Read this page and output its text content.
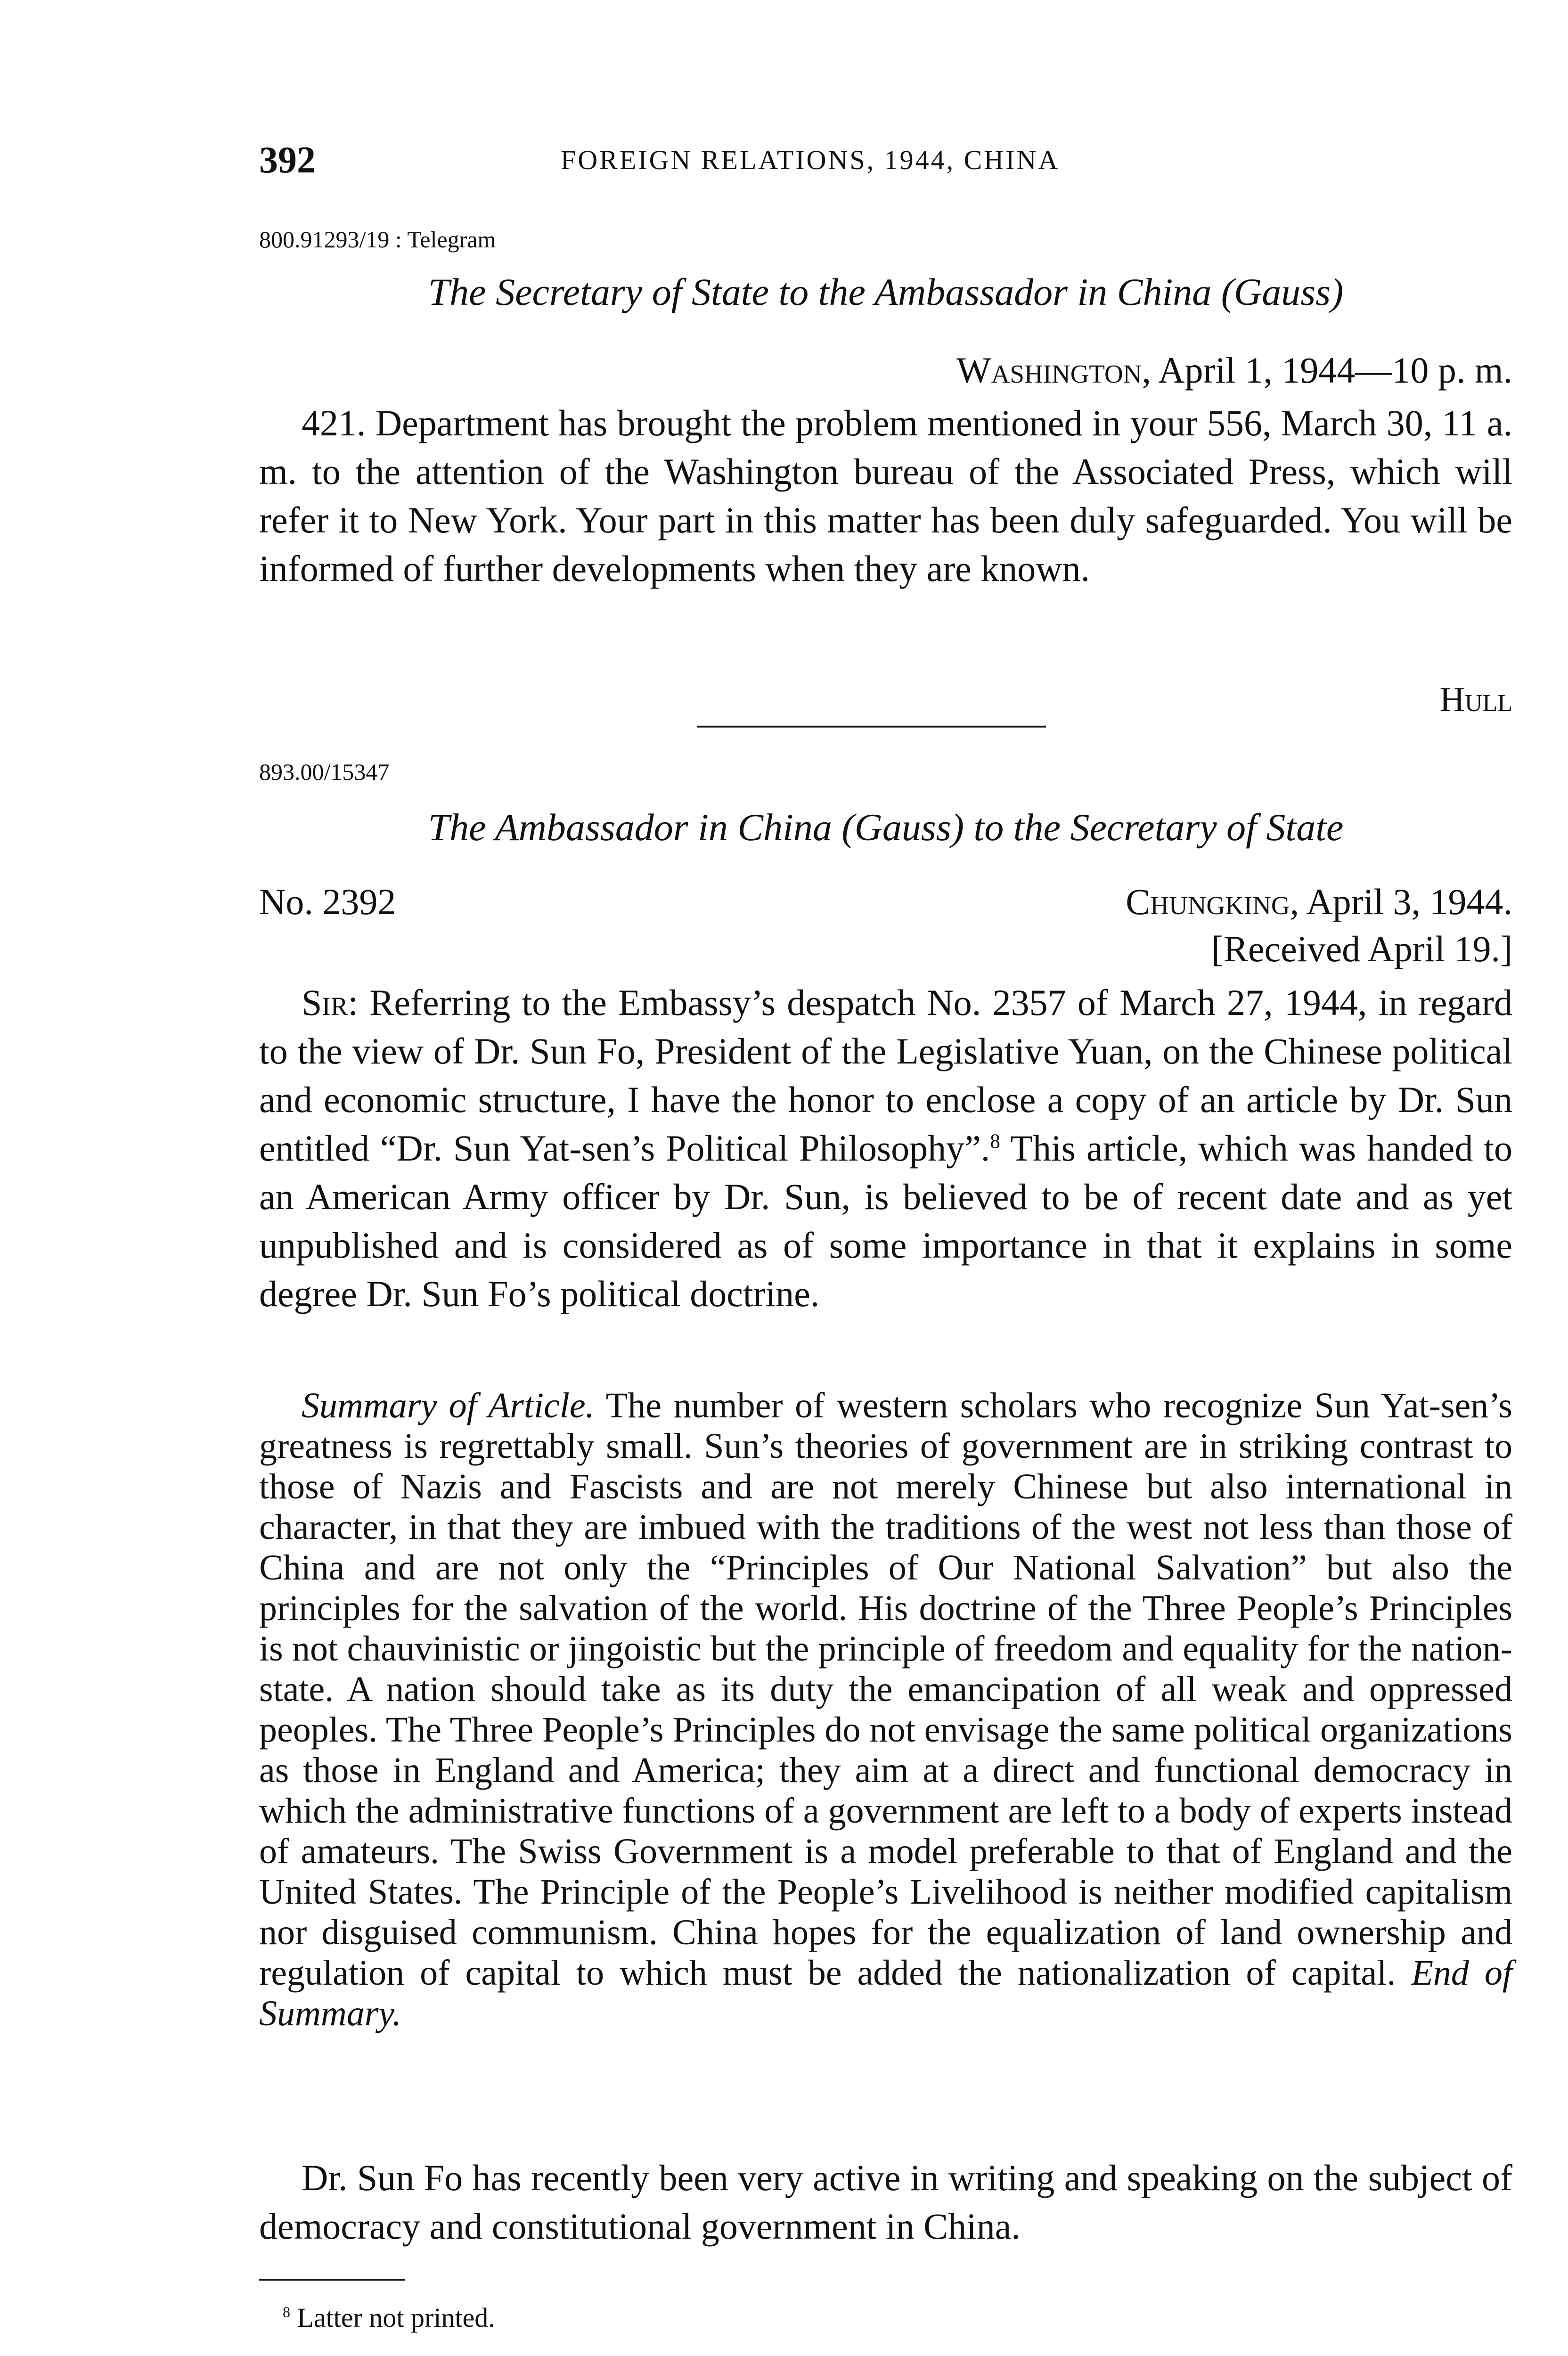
392	FOREIGN RELATIONS, 1944, CHINA
800.91293/19 : Telegram
The Secretary of State to the Ambassador in China (Gauss)
Washington, April 1, 1944—10 p. m.

421. Department has brought the problem mentioned in your 556, March 30, 11 a. m. to the attention of the Washington bureau of the Associated Press, which will refer it to New York. Your part in this matter has been duly safeguarded. You will be informed of further developments when they are known.

Hull
893.00/15347
The Ambassador in China (Gauss) to the Secretary of State
No. 2392	Chungking, April 3, 1944.
[Received April 19.]

Sir: Referring to the Embassy’s despatch No. 2357 of March 27, 1944, in regard to the view of Dr. Sun Fo, President of the Legislative Yuan, on the Chinese political and economic structure, I have the honor to enclose a copy of an article by Dr. Sun entitled “Dr. Sun Yat-sen’s Political Philosophy”.$^8$ This article, which was handed to an American Army officer by Dr. Sun, is believed to be of recent date and as yet unpublished and is considered as of some importance in that it explains in some degree Dr. Sun Fo’s political doctrine.

Summary of Article. The number of western scholars who recognize Sun Yat-sen’s greatness is regrettably small. Sun’s theories of government are in striking contrast to those of Nazis and Fascists and are not merely Chinese but also international in character, in that they are imbued with the traditions of the west not less than those of China and are not only the “Principles of Our National Salvation” but also the principles for the salvation of the world. His doctrine of the Three People’s Principles is not chauvinistic or jingoistic but the principle of freedom and equality for the nation-state. A nation should take as its duty the emancipation of all weak and oppressed peoples. The Three People’s Principles do not envisage the same political organizations as those in England and America; they aim at a direct and functional democracy in which the administrative functions of a government are left to a body of experts instead of amateurs. The Swiss Government is a model preferable to that of England and the United States. The Principle of the People’s Livelihood is neither modified capitalism nor disguised communism. China hopes for the equalization of land ownership and regulation of capital to which must be added the nationalization of capital. End of Summary.

Dr. Sun Fo has recently been very active in writing and speaking on the subject of democracy and constitutional government in China.

$^8$ Latter not printed.
